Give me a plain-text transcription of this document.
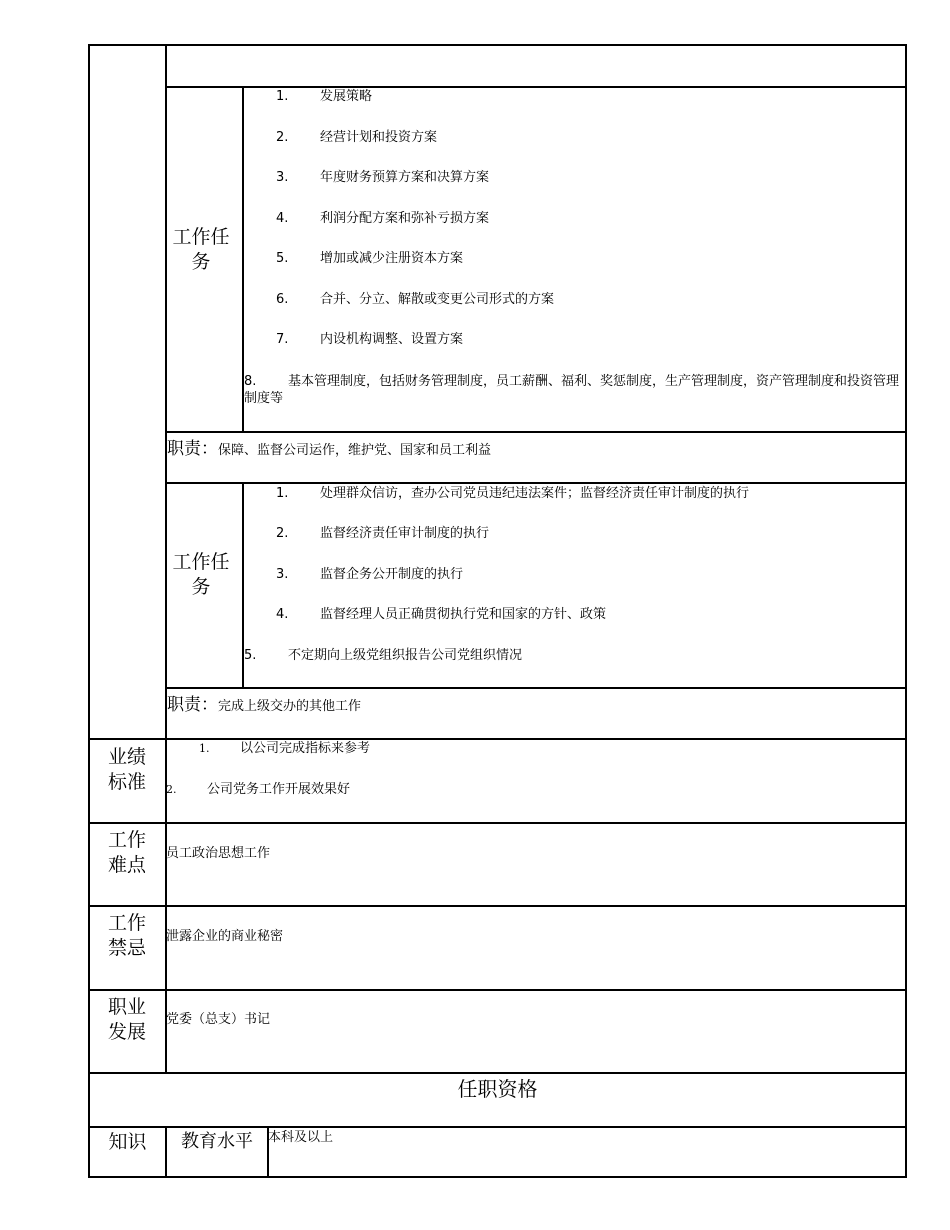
工作任务
1. 发展策略
2. 经营计划和投资方案
3. 年度财务预算方案和决算方案
4. 利润分配方案和弥补亏损方案
5. 增加或减少注册资本方案
6. 合并、分立、解散或变更公司形式的方案
7. 内设机构调整、设置方案
8. 基本管理制度，包括财务管理制度，员工薪酬、福利、奖惩制度，生产管理制度，资产管理制度和投资管理制度等
职责：保障、监督公司运作，维护党、国家和员工利益
工作任务
1. 处理群众信访，查办公司党员违纪违法案件；监督经济责任审计制度的执行
2. 监督经济责任审计制度的执行
3. 监督企务公开制度的执行
4. 监督经理人员正确贯彻执行党和国家的方针、政策
5. 不定期向上级党组织报告公司党组织情况
职责：完成上级交办的其他工作
业绩标准
1. 以公司完成指标来参考
2. 公司党务工作开展效果好
工作难点
员工政治思想工作
工作禁忌
泄露企业的商业秘密
职业发展
党委（总支）书记
任职资格
知识	教育水平	本科及以上
